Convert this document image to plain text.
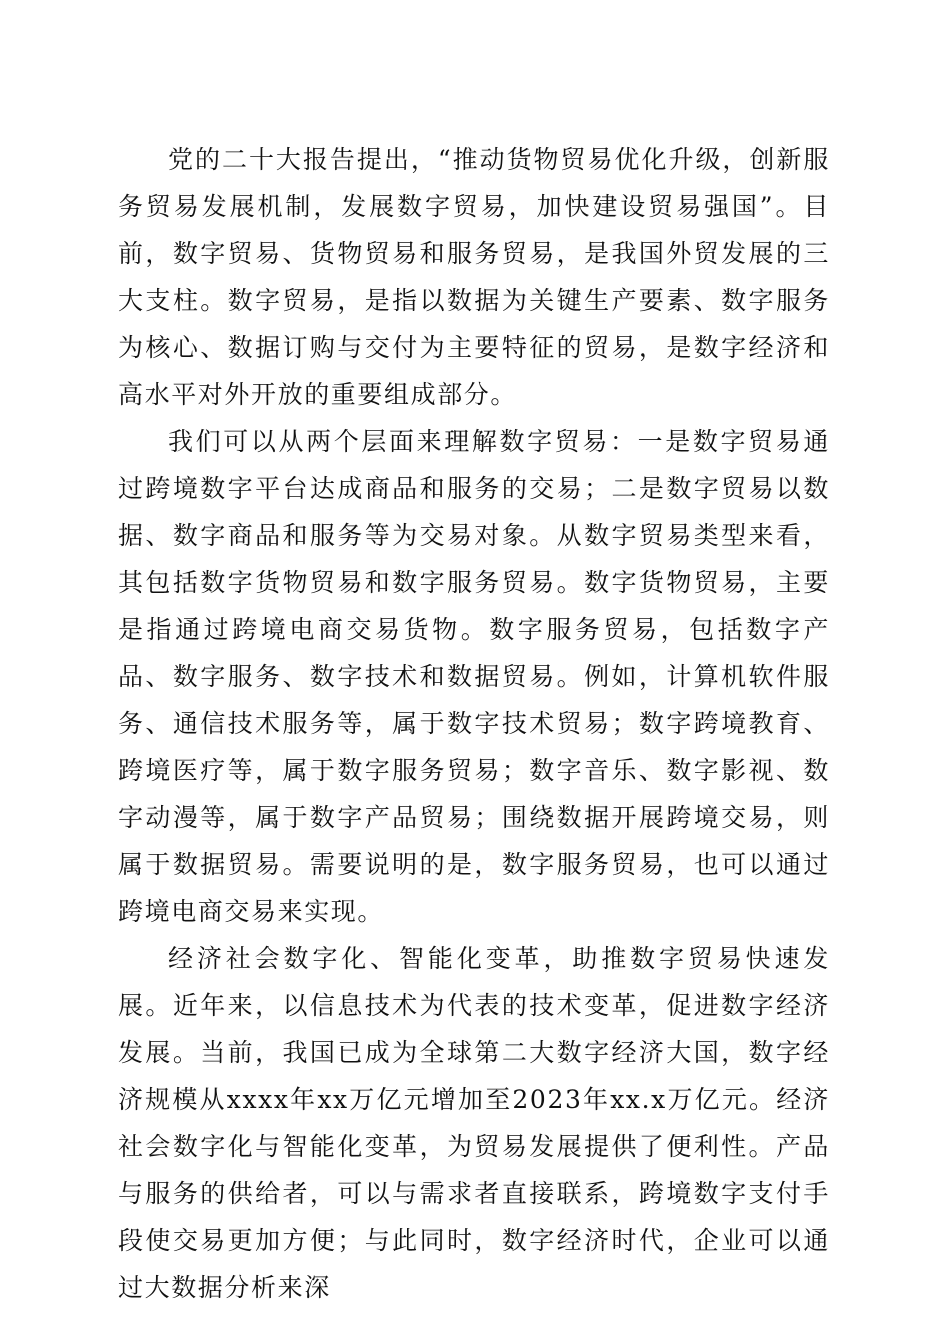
党的二十大报告提出，“推动货物贸易优化升级，创新服务贸易发展机制，发展数字贸易，加快建设贸易强国”。目前，数字贸易、货物贸易和服务贸易，是我国外贸发展的三大支柱。数字贸易，是指以数据为关键生产要素、数字服务为核心、数据订购与交付为主要特征的贸易，是数字经济和高水平对外开放的重要组成部分。

我们可以从两个层面来理解数字贸易：一是数字贸易通过跨境数字平台达成商品和服务的交易；二是数字贸易以数据、数字商品和服务等为交易对象。从数字贸易类型来看，其包括数字货物贸易和数字服务贸易。数字货物贸易，主要是指通过跨境电商交易货物。数字服务贸易，包括数字产品、数字服务、数字技术和数据贸易。例如，计算机软件服务、通信技术服务等，属于数字技术贸易；数字跨境教育、跨境医疗等，属于数字服务贸易；数字音乐、数字影视、数字动漫等，属于数字产品贸易；围绕数据开展跨境交易，则属于数据贸易。需要说明的是，数字服务贸易，也可以通过跨境电商交易来实现。

经济社会数字化、智能化变革，助推数字贸易快速发展。近年来，以信息技术为代表的技术变革，促进数字经济发展。当前，我国已成为全球第二大数字经济大国，数字经济规模从xxxx年xx万亿元增加至2023年xx.x万亿元。经济社会数字化与智能化变革，为贸易发展提供了便利性。产品与服务的供给者，可以与需求者直接联系，跨境数字支付手段使交易更加方便；与此同时，数字经济时代，企业可以通过大数据分析来深
